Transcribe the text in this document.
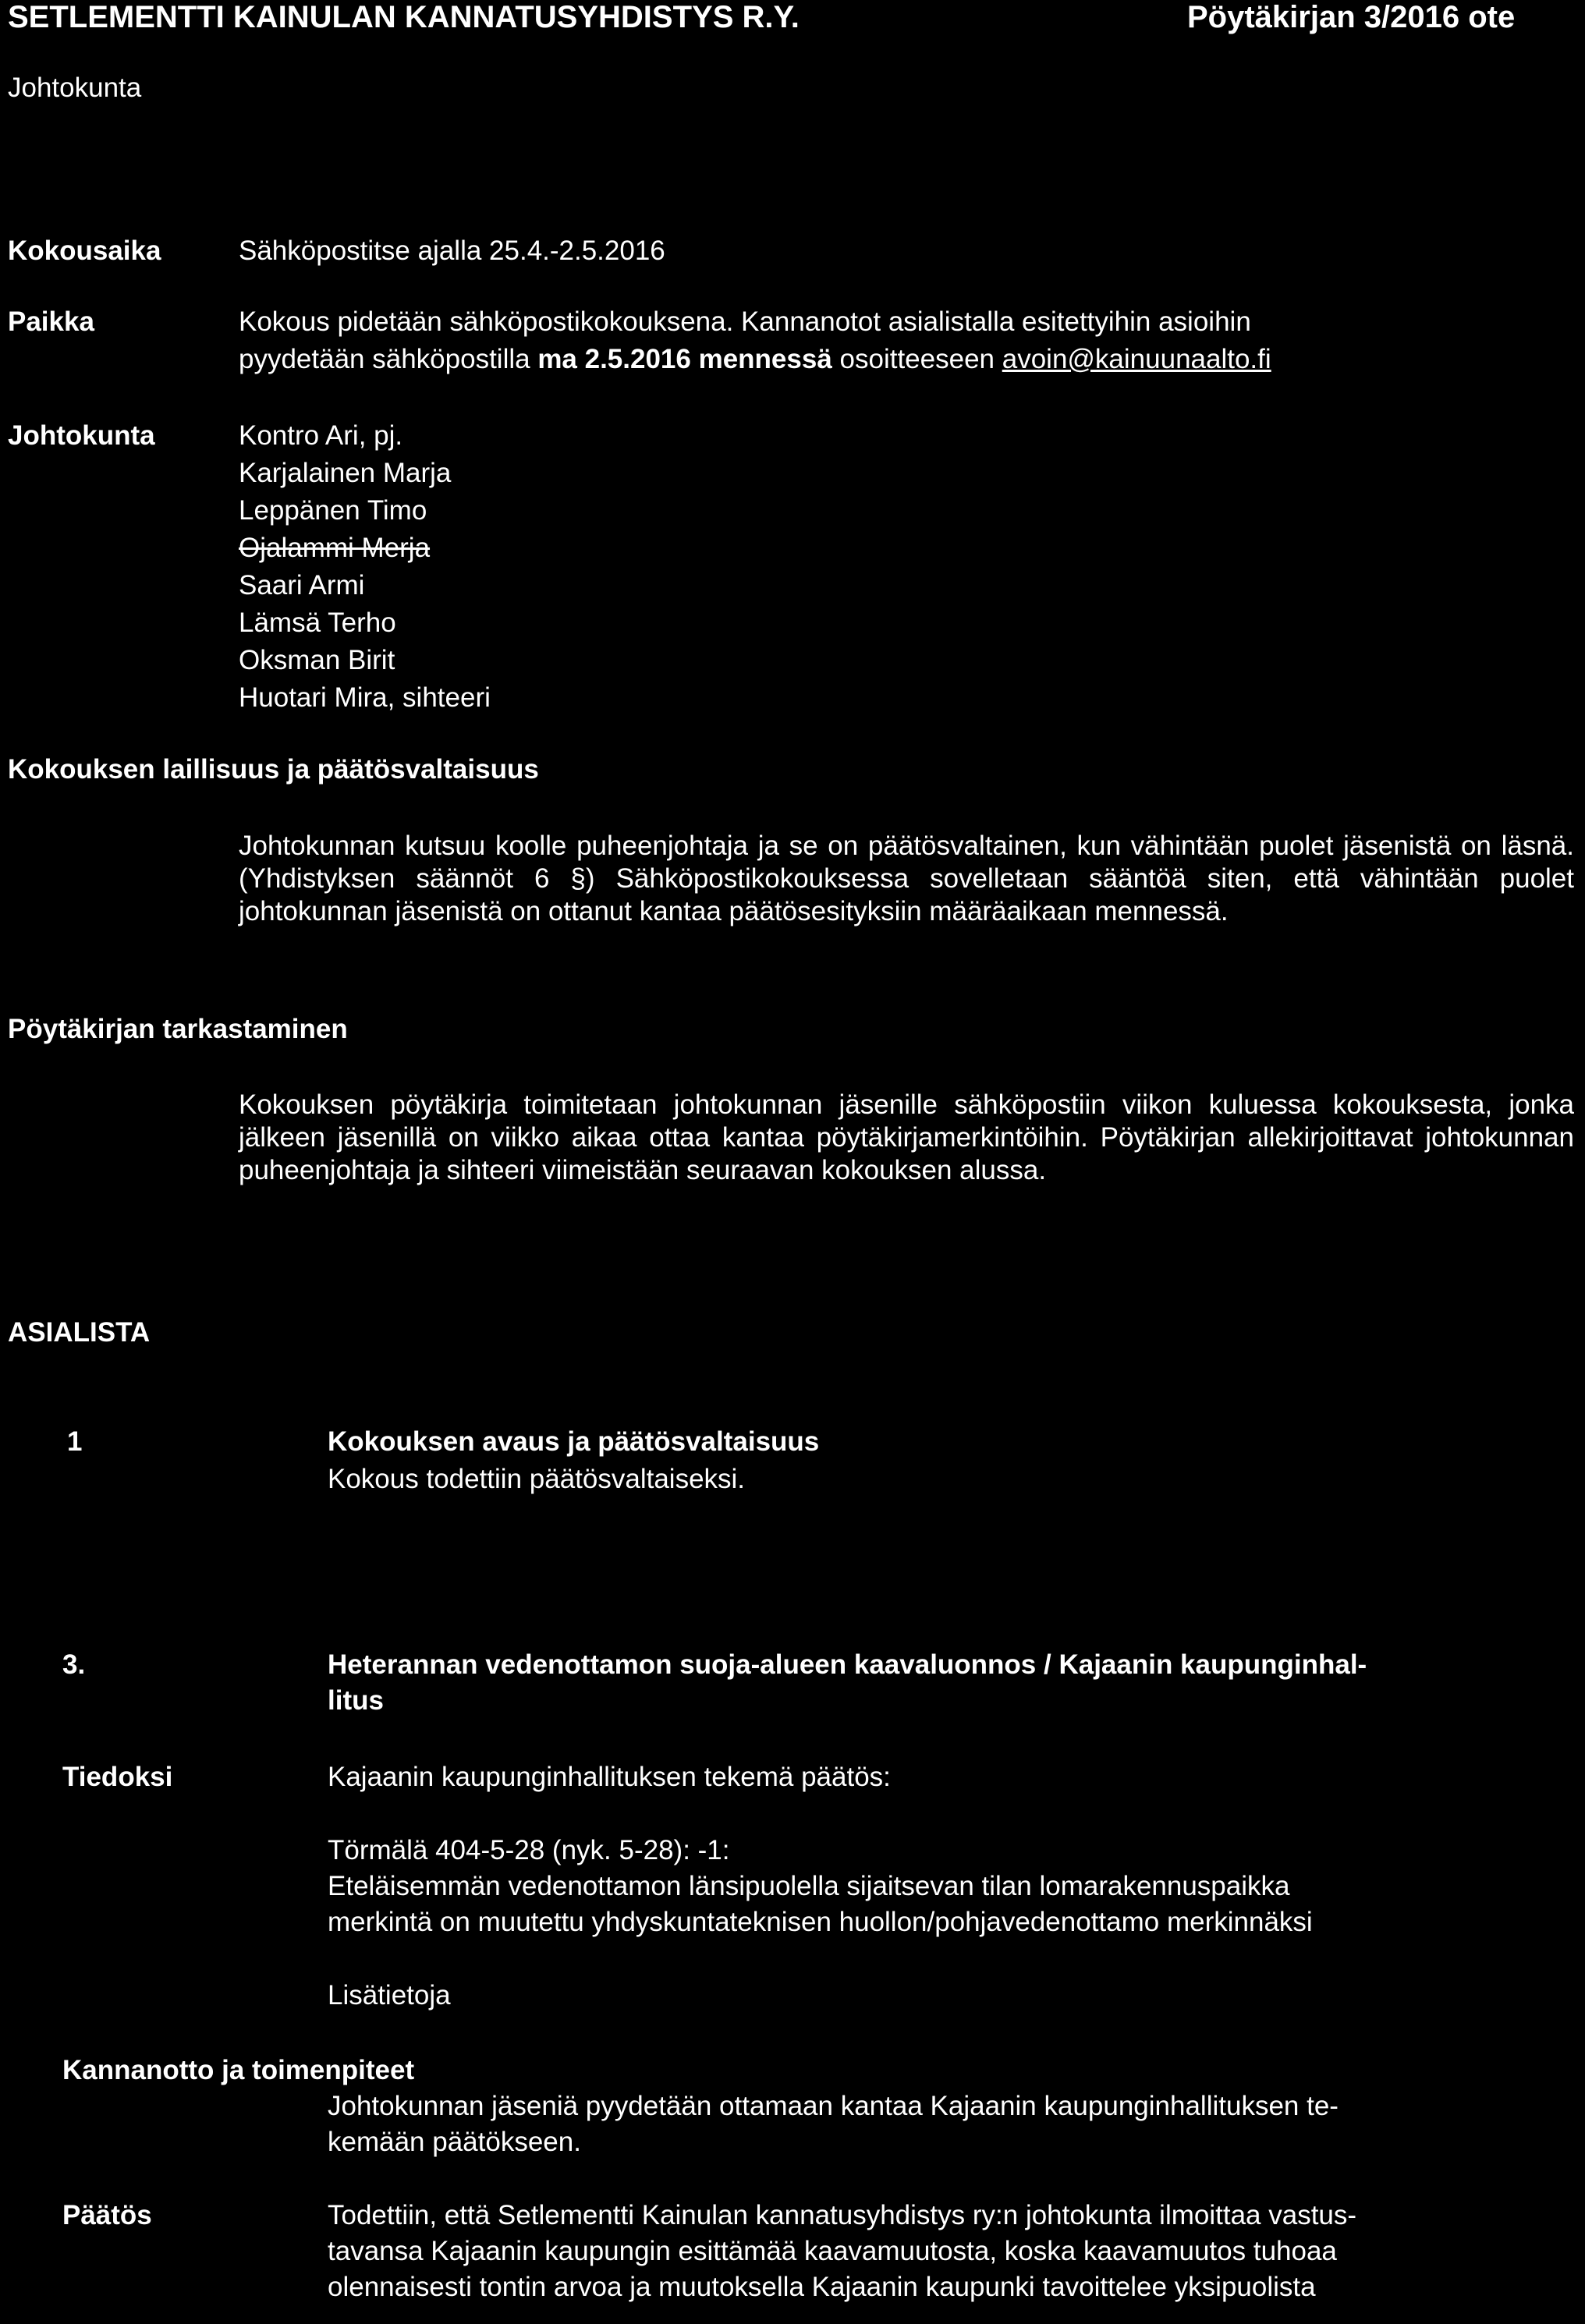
SETLEMENTTI KAINULAN KANNATUSYHDISTYS R.Y.	Pöytäkirjan 3/2016 ote
Johtokunta
Kokousaika	Sähköpostitse ajalla 25.4.-2.5.2016
Paikka	Kokous pidetään sähköpostikokouksena. Kannanotot asialistalla esitettyihin asioihin
pyydetään sähköpostilla ma 2.5.2016 mennessä osoitteeseen avoin@kainuunaalto.fi
Johtokunta	Kontro Ari, pj.
Karjalainen Marja
Leppänen Timo
Ojalammi Merja
Saari Armi
Lämsä Terho
Oksman Birit
Huotari Mira, sihteeri
Kokouksen laillisuus ja päätösvaltaisuus
Johtokunnan kutsuu koolle puheenjohtaja ja se on päätösvaltainen, kun vähintään puolet jäsenistä on läsnä. (Yhdistyksen säännöt 6 §) Sähköpostikokouksessa sovelletaan sääntöä siten, että vähintään puolet johtokunnan jäsenistä on ottanut kantaa päätösesityksiin määräaikaan mennessä.
Pöytäkirjan tarkastaminen
Kokouksen pöytäkirja toimitetaan johtokunnan jäsenille sähköpostiin viikon kuluessa kokouksesta, jonka jälkeen jäsenillä on viikko aikaa ottaa kantaa pöytäkirjamerkintöihin. Pöytäkirjan allekirjoittavat johtokunnan puheenjohtaja ja sihteeri viimeistään seuraavan kokouksen alussa.
ASIALISTA
1	Kokouksen avaus ja päätösvaltaisuus
Kokous todettiin päätösvaltaiseksi.
3.	Heterannan vedenottamon suoja-alueen kaavaluonnos / Kajaanin kaupunginhal-
litus
Tiedoksi	Kajaanin kaupunginhallituksen tekemä päätös:
Törmälä 404-5-28 (nyk. 5-28): -1:
Eteläisemmän vedenottamon länsipuolella sijaitsevan tilan lomarakennuspaikka
merkintä on muutettu yhdyskuntateknisen huollon/pohjavedenottamo merkinnäksi
Lisätietoja
Kannanotto ja toimenpiteet
Johtokunnan jäseniä pyydetään ottamaan kantaa Kajaanin kaupunginhallituksen te-
kemään päätökseen.
Päätös	Todettiin, että Setlementti Kainulan kannatusyhdistys ry:n johtokunta ilmoittaa vastus-
tavansa Kajaanin kaupungin esittämää kaavamuutosta, koska kaavamuutos tuhoaa
olennaisesti tontin arvoa ja muutoksella Kajaanin kaupunki tavoittelee yksipuolista
